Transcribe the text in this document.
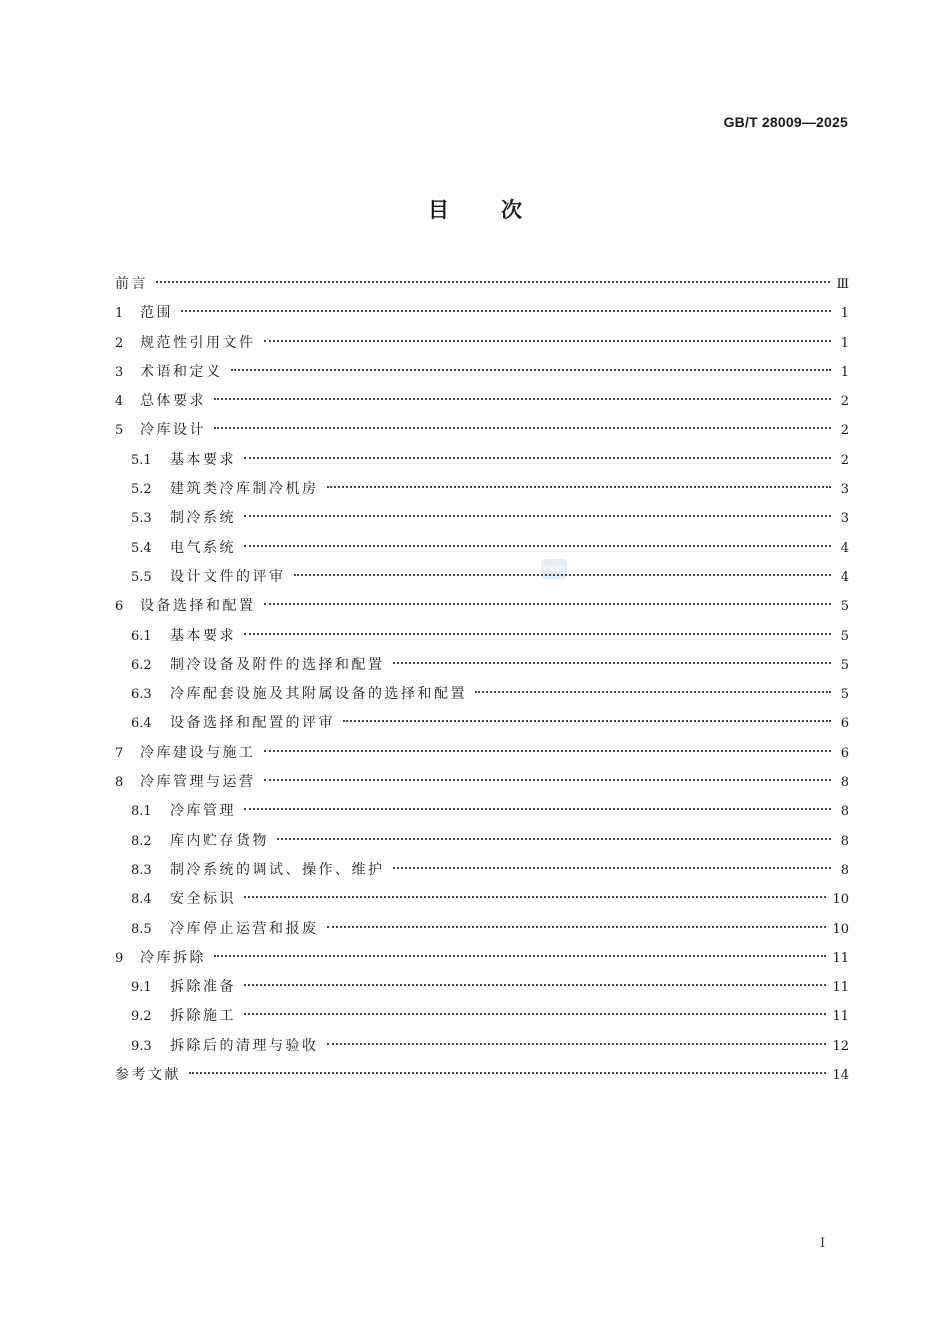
GB/T 28009—2025
目次
CSSC
前言	Ⅲ
1	范围	1
2	规范性引用文件	1
3	术语和定义	1
4	总体要求	2
5	冷库设计	2
5.1	基本要求	2
5.2	建筑类冷库制冷机房	3
5.3	制冷系统	3
5.4	电气系统	4
5.5	设计文件的评审	4
6	设备选择和配置	5
6.1	基本要求	5
6.2	制冷设备及附件的选择和配置	5
6.3	冷库配套设施及其附属设备的选择和配置	5
6.4	设备选择和配置的评审	6
7	冷库建设与施工	6
8	冷库管理与运营	8
8.1	冷库管理	8
8.2	库内贮存货物	8
8.3	制冷系统的调试、操作、维护	8
8.4	安全标识	10
8.5	冷库停止运营和报废	10
9	冷库拆除	11
9.1	拆除准备	11
9.2	拆除施工	11
9.3	拆除后的清理与验收	12
参考文献	14
Ⅰ
